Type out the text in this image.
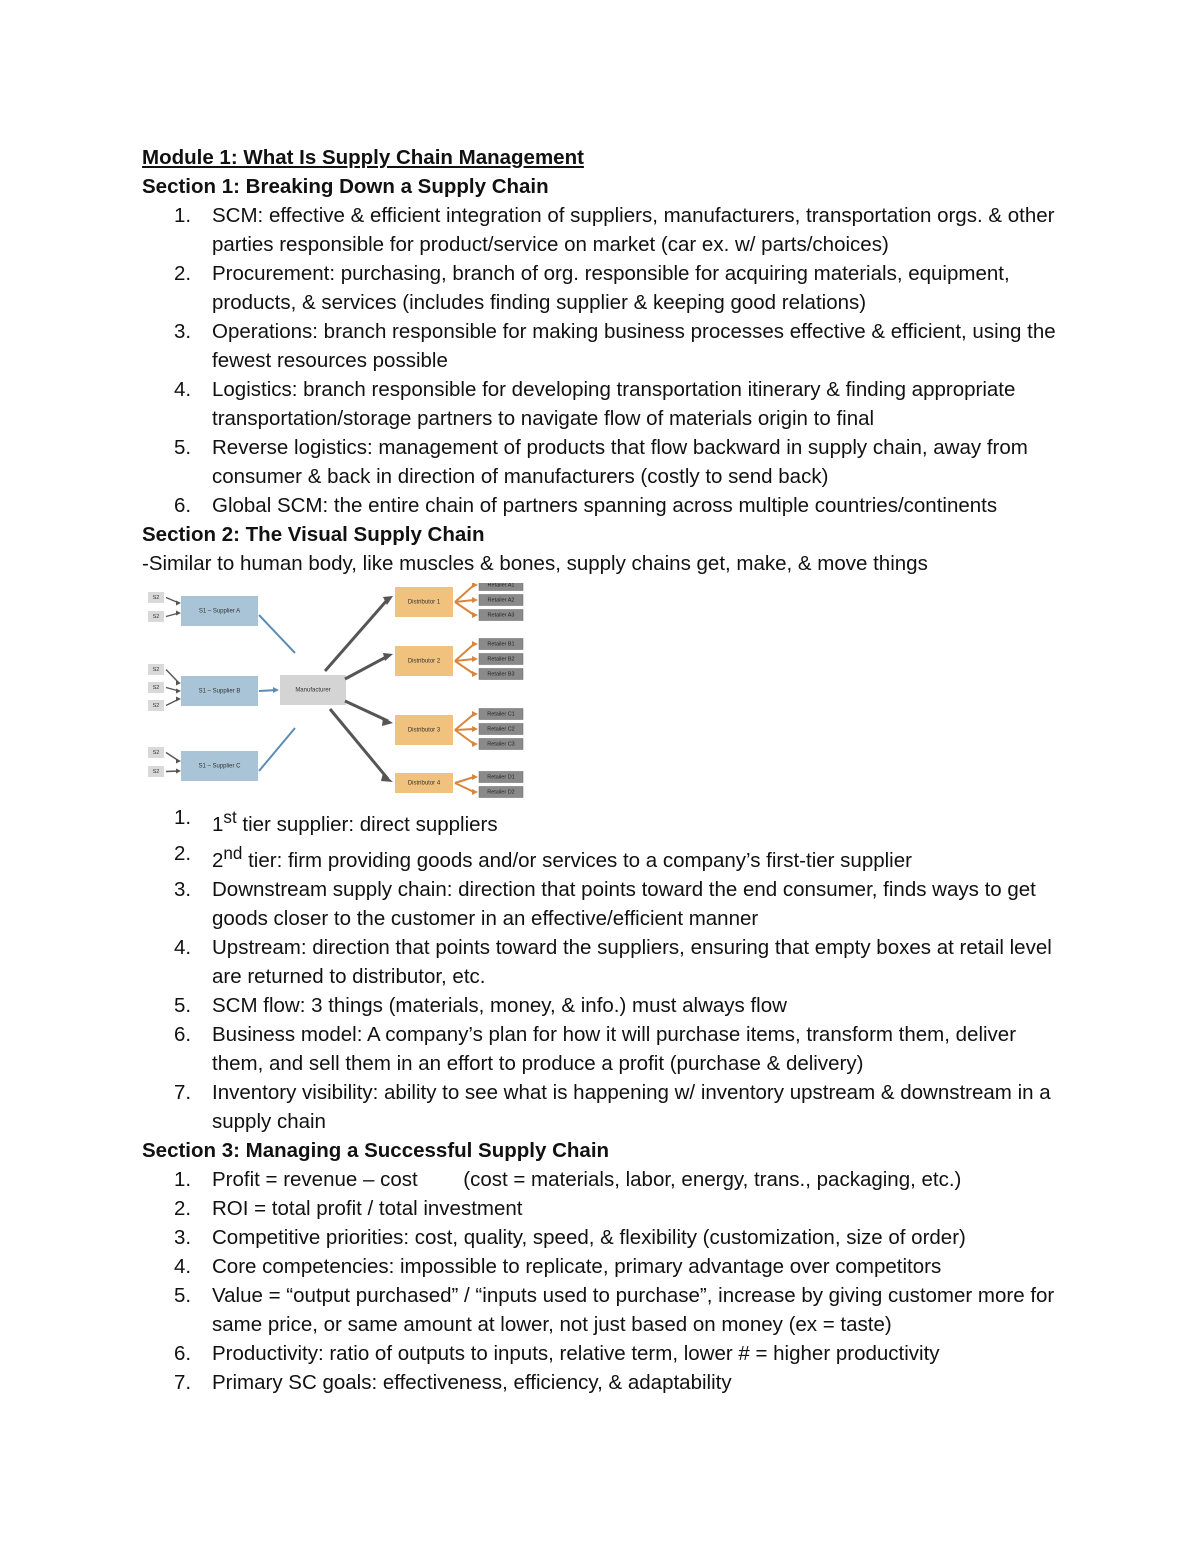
Module 1: What Is Supply Chain Management

Section 1: Breaking Down a Supply Chain

1. SCM: effective & efficient integration of suppliers, manufacturers, transportation orgs. & other parties responsible for product/service on market (car ex. w/ parts/choices)
2. Procurement: purchasing, branch of org. responsible for acquiring materials, equipment, products, & services (includes finding supplier & keeping good relations)
3. Operations: branch responsible for making business processes effective & efficient, using the fewest resources possible
4. Logistics: branch responsible for developing transportation itinerary & finding appropriate transportation/storage partners to navigate flow of materials origin to final
5. Reverse logistics: management of products that flow backward in supply chain, away from consumer & back in direction of manufacturers (costly to send back)
6. Global SCM: the entire chain of partners spanning across multiple countries/continents

Section 2: The Visual Supply Chain

-Similar to human body, like muscles & bones, supply chains get, make, & move things

S1 – Supplier A
S1 – Supplier B
S1 – Supplier C
S2
S2
S2
S2
S2
S2
S2
Manufacturer
Distributor 1
Distributor 2
Distributor 3
Distributor 4
Retailer A1
Retailer A2
Retailer A3
Retailer B1
Retailer B2
Retailer B3
Retailer C1
Retailer C2
Retailer C3
Retailer D1
Retailer D2
1. 1st tier supplier: direct suppliers
2. 2nd tier: firm providing goods and/or services to a company’s first-tier supplier
3. Downstream supply chain: direction that points toward the end consumer, finds ways to get goods closer to the customer in an effective/efficient manner
4. Upstream: direction that points toward the suppliers, ensuring that empty boxes at retail level are returned to distributor, etc.
5. SCM flow: 3 things (materials, money, & info.) must always flow
6. Business model: A company’s plan for how it will purchase items, transform them, deliver them, and sell them in an effort to produce a profit (purchase & delivery)
7. Inventory visibility: ability to see what is happening w/ inventory upstream & downstream in a supply chain

Section 3: Managing a Successful Supply Chain

1. Profit = revenue – cost        (cost = materials, labor, energy, trans., packaging, etc.)
2. ROI = total profit / total investment
3. Competitive priorities: cost, quality, speed, & flexibility (customization, size of order)
4. Core competencies: impossible to replicate, primary advantage over competitors
5. Value = “output purchased” / “inputs used to purchase”, increase by giving customer more for same price, or same amount at lower, not just based on money (ex = taste)
6. Productivity: ratio of outputs to inputs, relative term, lower # = higher productivity
7. Primary SC goals: effectiveness, efficiency, & adaptability
